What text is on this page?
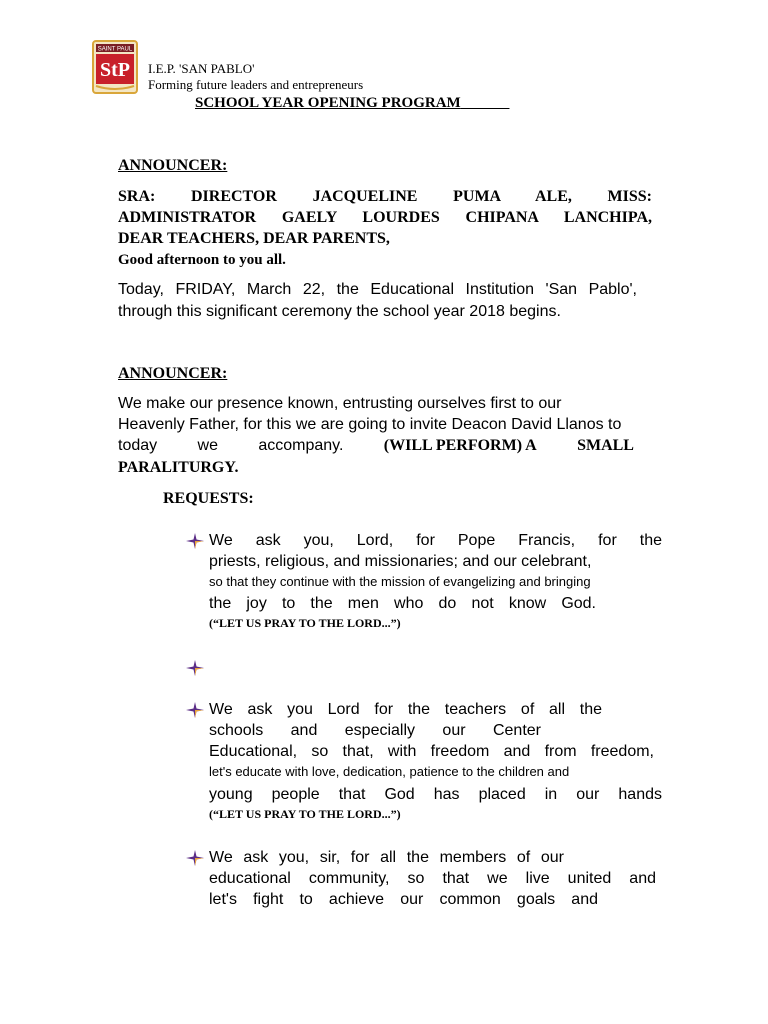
SAINT PAUL
StP I.E.P. 'SAN PABLO'
Forming future leaders and entrepreneurs
SCHOOL YEAR OPENING PROGRAM
ANNOUNCER:
SRA: DIRECTOR JACQUELINE PUMA ALE, MISS:
ADMINISTRATOR GAELY LOURDES CHIPANA LANCHIPA,
DEAR TEACHERS, DEAR PARENTS,
Good afternoon to you all.
Today, FRIDAY, March 22, the Educational Institution 'San Pablo',
through this significant ceremony the school year 2018 begins.
ANNOUNCER:
We make our presence known, entrusting ourselves first to our
Heavenly Father, for this we are going to invite Deacon David Llanos to
today	we	accompany.	(WILL PERFORM) A	SMALL
PARALITURGY.
REQUESTS:
We ask you, Lord, for Pope Francis, for the
priests, religious, and missionaries; and our celebrant,
so that they continue with the mission of evangelizing and bringing
the joy to the men who do not know God.
(“LET US PRAY TO THE LORD...”)
We ask you Lord for the teachers of all the
schools and especially our Center
Educational, so that, with freedom and from freedom,
let's educate with love, dedication, patience to the children and
young people that God has placed in our hands
(“LET US PRAY TO THE LORD...”)
We ask you, sir, for all the members of our
educational community, so that we live united and
let's fight to achieve our common goals and
